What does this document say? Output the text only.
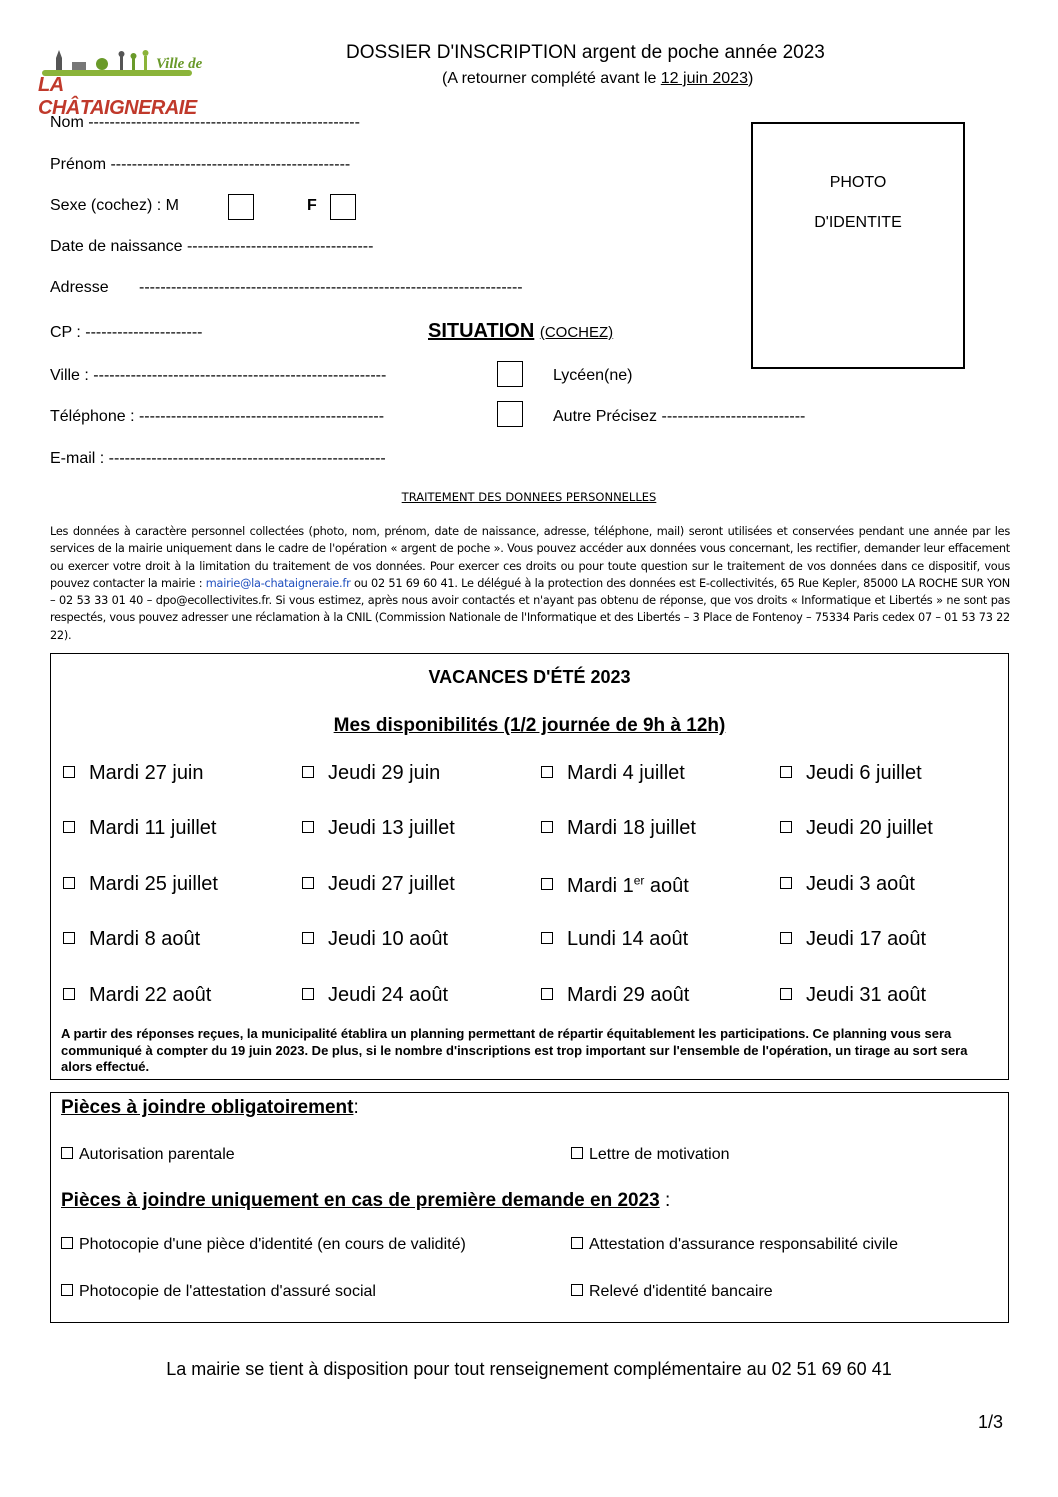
Ville de
LA CHÂTAIGNERAIE
DOSSIER D'INSCRIPTION argent de poche année 2023
(A retourner complété avant le 12 juin 2023)
Nom ---------------------------------------------------
Prénom ---------------------------------------------
Sexe (cochez) : M	F
Date de naissance -----------------------------------
Adresse ------------------------------------------------------------------------
CP : ----------------------
Ville : -------------------------------------------------------
Téléphone : ----------------------------------------------
E-mail : ----------------------------------------------------
PHOTO
D'IDENTITE
SITUATION (COCHEZ)
Lycéen(ne)
Autre Précisez ---------------------------
TRAITEMENT DES DONNEES PERSONNELLES
Les données à caractère personnel collectées (photo, nom, prénom, date de naissance, adresse, téléphone, mail) seront utilisées et conservées pendant une année par les services de la mairie uniquement dans le cadre de l'opération « argent de poche ». Vous pouvez accéder aux données vous concernant, les rectifier, demander leur effacement ou exercer votre droit à la limitation du traitement de vos données. Pour exercer ces droits ou pour toute question sur le traitement de vos données dans ce dispositif, vous pouvez contacter la mairie : mairie@la-chataigneraie.fr ou 02 51 69 60 41. Le délégué à la protection des données est E-collectivités, 65 Rue Kepler, 85000 LA ROCHE SUR YON – 02 53 33 01 40 – dpo@ecollectivites.fr. Si vous estimez, après nous avoir contactés et n'ayant pas obtenu de réponse, que vos droits « Informatique et Libertés » ne sont pas respectés, vous pouvez adresser une réclamation à la CNIL (Commission Nationale de l'Informatique et des Libertés – 3 Place de Fontenoy – 75334 Paris cedex 07 – 01 53 73 22 22).
VACANCES D'ÉTÉ 2023
Mes disponibilités (1/2 journée de 9h à 12h)
Mardi 27 juin	Jeudi 29 juin	Mardi 4 juillet	Jeudi 6 juillet
Mardi 11 juillet	Jeudi 13 juillet	Mardi 18 juillet	Jeudi 20 juillet
Mardi 25 juillet	Jeudi 27 juillet	Mardi 1er août	Jeudi 3 août
Mardi 8 août	Jeudi 10 août	Lundi 14 août	Jeudi 17 août
Mardi 22 août	Jeudi 24 août	Mardi 29 août	Jeudi 31 août
A partir des réponses reçues, la municipalité établira un planning permettant de répartir équitablement les participations. Ce planning vous sera communiqué à compter du 19 juin 2023. De plus, si le nombre d'inscriptions est trop important sur l'ensemble de l'opération, un tirage au sort sera alors effectué.
Pièces à joindre obligatoirement:
Autorisation parentale	Lettre de motivation
Pièces à joindre uniquement en cas de première demande en 2023 :
Photocopie d'une pièce d'identité (en cours de validité)	Attestation d'assurance responsabilité civile
Photocopie de l'attestation d'assuré social	Relevé d'identité bancaire
La mairie se tient à disposition pour tout renseignement complémentaire au 02 51 69 60 41
1/3
